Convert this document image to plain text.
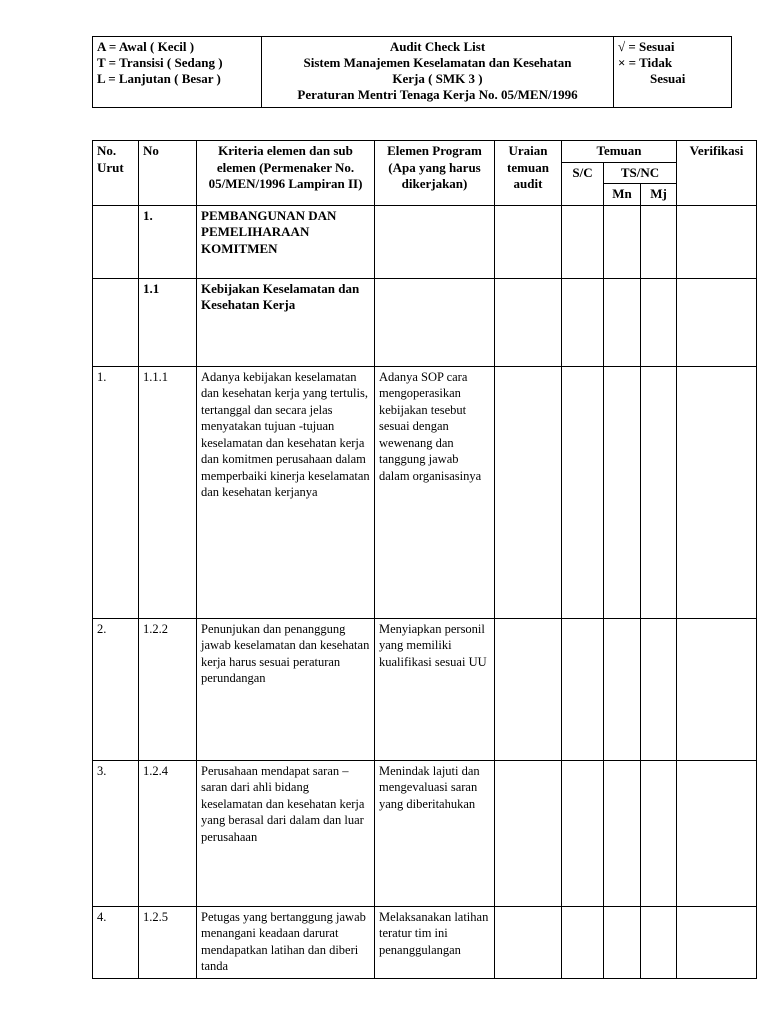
A = Awal ( Kecil )
T = Transisi ( Sedang )
L = Lanjutan ( Besar )
Audit Check List
Sistem Manajemen Keselamatan dan Kesehatan
Kerja ( SMK 3 )
Peraturan Mentri Tenaga Kerja No. 05/MEN/1996
√ = Sesuai
× = Tidak
Sesuai
No. Urut	No	Kriteria elemen dan sub elemen (Permenaker No. 05/MEN/1996 Lampiran II)	Elemen Program (Apa yang harus dikerjakan)	Uraian temuan audit	Temuan			Verifikasi
					S/C	TS/NC		
						Mn	Mj	
	1.	PEMBANGUNAN DAN PEMELIHARAAN KOMITMEN						
	1.1	Kebijakan Keselamatan dan Kesehatan Kerja						
1.	1.1.1	Adanya kebijakan keselamatan dan kesehatan kerja yang tertulis, tertanggal dan secara jelas menyatakan tujuan -tujuan keselamatan dan kesehatan kerja dan komitmen perusahaan dalam memperbaiki kinerja keselamatan dan kesehatan kerjanya	Adanya SOP cara mengoperasikan kebijakan tesebut sesuai dengan wewenang dan tanggung jawab dalam organisasinya					
2.	1.2.2	Penunjukan dan penanggung jawab keselamatan dan kesehatan kerja harus sesuai peraturan perundangan	Menyiapkan personil yang memiliki kualifikasi sesuai UU					
3.	1.2.4	Perusahaan mendapat saran – saran dari ahli bidang keselamatan dan kesehatan kerja yang berasal dari dalam dan luar perusahaan	Menindak lajuti dan mengevaluasi saran yang diberitahukan					
4.	1.2.5	Petugas yang bertanggung jawab menangani keadaan darurat mendapatkan latihan dan diberi tanda	Melaksanakan latihan teratur tim ini penanggulangan					
